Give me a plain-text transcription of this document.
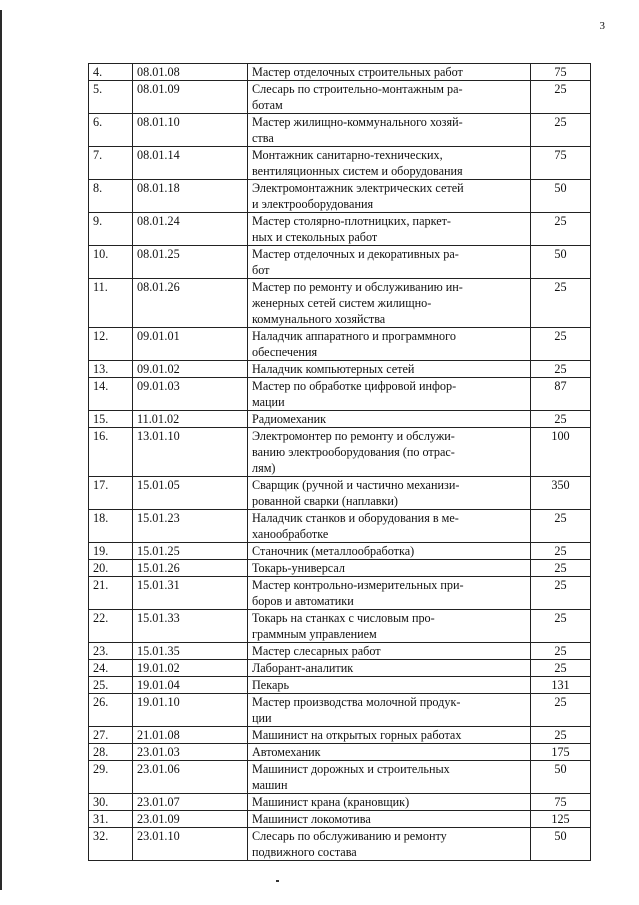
3
4.	08.01.08	Мастер отделочных строительных работ	75
5.	08.01.09	Слесарь по строительно-монтажным ра-
ботам	25
6.	08.01.10	Мастер жилищно-коммунального хозяй-
ства	25
7.	08.01.14	Монтажник санитарно-технических,
вентиляционных систем и оборудования	75
8.	08.01.18	Электромонтажник электрических сетей
и электрооборудования	50
9.	08.01.24	Мастер столярно-плотницких, паркет-
ных и стекольных работ	25
10.	08.01.25	Мастер отделочных и декоративных ра-
бот	50
11.	08.01.26	Мастер по ремонту и обслуживанию ин-
женерных сетей систем жилищно-
коммунального хозяйства	25
12.	09.01.01	Наладчик аппаратного и программного
обеспечения	25
13.	09.01.02	Наладчик компьютерных сетей	25
14.	09.01.03	Мастер по обработке цифровой инфор-
мации	87
15.	11.01.02	Радиомеханик	25
16.	13.01.10	Электромонтер по ремонту и обслужи-
ванию электрооборудования (по отрас-
лям)	100
17.	15.01.05	Сварщик (ручной и частично механизи-
рованной сварки (наплавки)	350
18.	15.01.23	Наладчик станков и оборудования в ме-
ханообработке	25
19.	15.01.25	Станочник (металлообработка)	25
20.	15.01.26	Токарь-универсал	25
21.	15.01.31	Мастер контрольно-измерительных при-
боров и автоматики	25
22.	15.01.33	Токарь на станках с числовым про-
граммным управлением	25
23.	15.01.35	Мастер слесарных работ	25
24.	19.01.02	Лаборант-аналитик	25
25.	19.01.04	Пекарь	131
26.	19.01.10	Мастер производства молочной продук-
ции	25
27.	21.01.08	Машинист на открытых горных работах	25
28.	23.01.03	Автомеханик	175
29.	23.01.06	Машинист дорожных и строительных
машин	50
30.	23.01.07	Машинист крана (крановщик)	75
31.	23.01.09	Машинист локомотива	125
32.	23.01.10	Слесарь по обслуживанию и ремонту
подвижного состава	50
